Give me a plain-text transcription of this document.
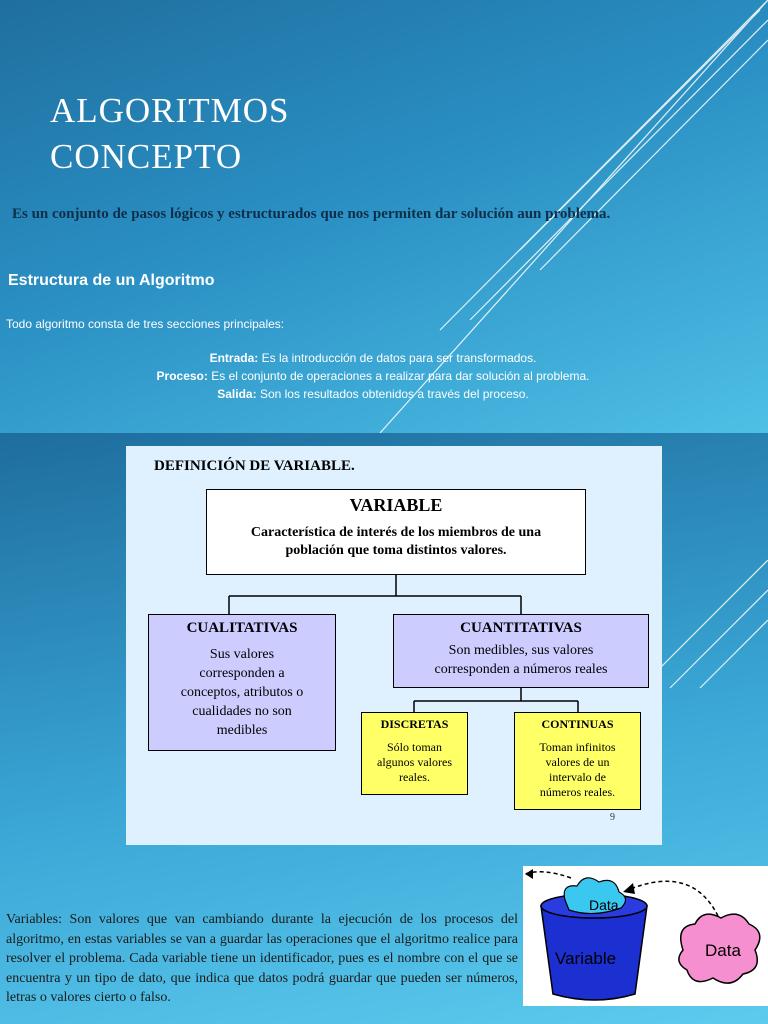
ALGORITMOS
CONCEPTO
Es un conjunto de pasos lógicos y estructurados que nos permiten dar solución aun problema.
Estructura de un Algoritmo
Todo algoritmo consta de tres secciones principales:
Entrada: Es la introducción de datos para ser transformados.
Proceso: Es el conjunto de operaciones a realizar para dar solución al problema.
Salida: Son los resultados obtenidos a través del proceso.
DEFINICIÓN DE VARIABLE.
VARIABLE
Característica de interés de los miembros de una
población que toma distintos valores.
CUALITATIVAS
Sus valores
corresponden a
conceptos, atributos o
cualidades no son
medibles
CUANTITATIVAS
Son medibles, sus valores
corresponden a números reales
DISCRETAS
Sólo toman
algunos valores
reales.
CONTINUAS
Toman infinitos
valores de un
intervalo de
números reales.
9
Variables: Son valores que van cambiando durante la ejecución de los procesos del algoritmo, en estas variables se van a guardar las operaciones que el algoritmo realice para resolver el problema. Cada variable tiene un identificador, pues es el nombre con el que se encuentra y un tipo de dato, que indica que datos podrá guardar que pueden ser números, letras o valores cierto o falso.
Data
Variable	Data
